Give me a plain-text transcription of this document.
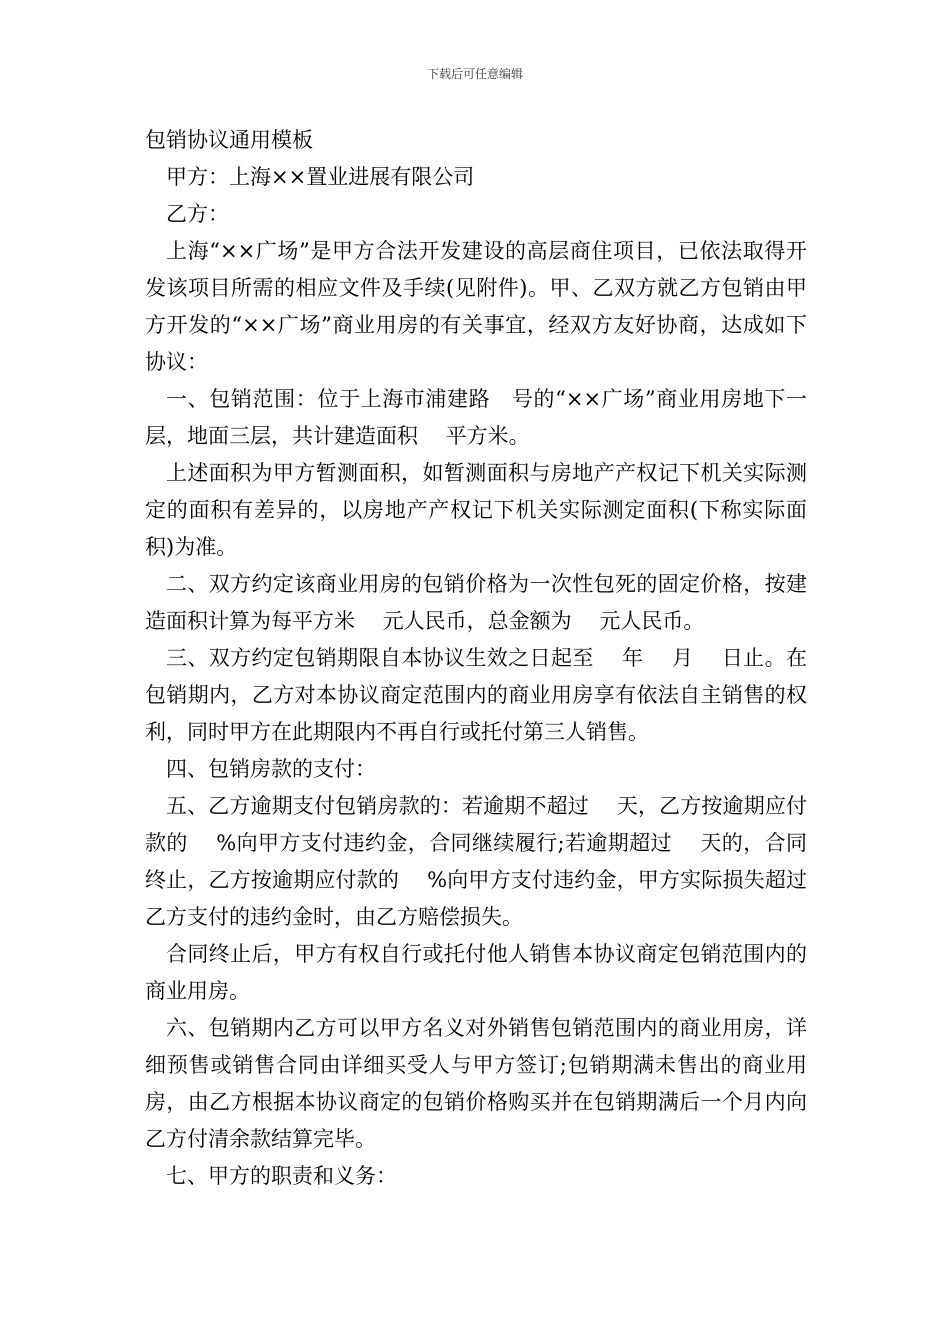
下载后可任意编辑

包销协议通用模板

甲方：上海××置业进展有限公司

乙方：

上海“××广场”是甲方合法开发建设的高层商住项目，已依法取得开发该项目所需的相应文件及手续(见附件)。甲、乙双方就乙方包销由甲方开发的“××广场”商业用房的有关事宜，经双方友好协商，达成如下协议：

一、包销范围：位于上海市浦建路　号的“××广场”商业用房地下一层，地面三层，共计建造面积　 平方米。

上述面积为甲方暂测面积，如暂测面积与房地产产权记下机关实际测定的面积有差异的，以房地产产权记下机关实际测定面积(下称实际面积)为准。

二、双方约定该商业用房的包销价格为一次性包死的固定价格，按建造面积计算为每平方米　 元人民币，总金额为　 元人民币。

三、双方约定包销期限自本协议生效之日起至　 年　 月　 日止。在包销期内，乙方对本协议商定范围内的商业用房享有依法自主销售的权利，同时甲方在此期限内不再自行或托付第三人销售。

四、包销房款的支付：

五、乙方逾期支付包销房款的：若逾期不超过　 天，乙方按逾期应付款的　 %向甲方支付违约金，合同继续履行;若逾期超过　 天的，合同终止，乙方按逾期应付款的　 %向甲方支付违约金，甲方实际损失超过乙方支付的违约金时，由乙方赔偿损失。

合同终止后，甲方有权自行或托付他人销售本协议商定包销范围内的商业用房。

六、包销期内乙方可以甲方名义对外销售包销范围内的商业用房，详细预售或销售合同由详细买受人与甲方签订;包销期满未售出的商业用房，由乙方根据本协议商定的包销价格购买并在包销期满后一个月内向乙方付清余款结算完毕。

七、甲方的职责和义务：
